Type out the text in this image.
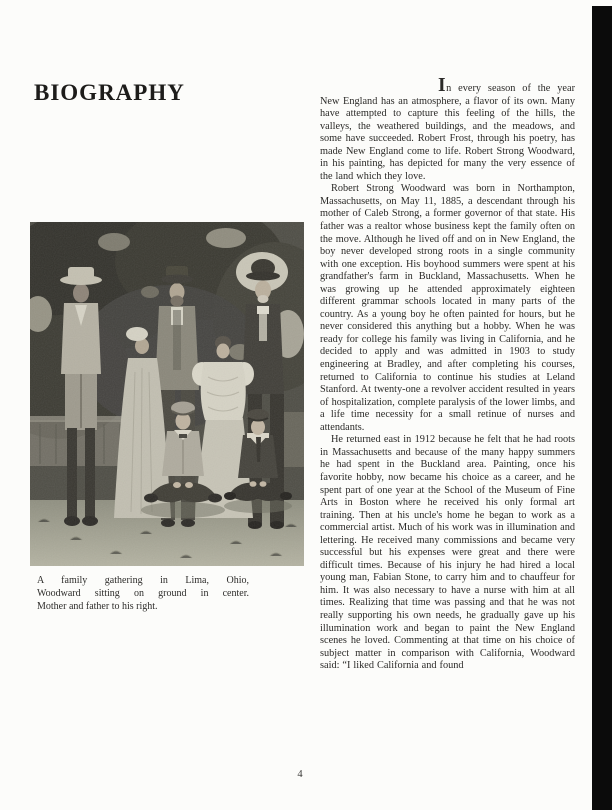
BIOGRAPHY
A family gathering in Lima, Ohio,
Woodward sitting on ground in center.
Mother and father to his right.

In every season of the year New England has an atmosphere, a flavor of its own. Many have attempted to capture this feeling of the hills, the valleys, the weathered buildings, and the meadows, and some have succeeded. Robert Frost, through his poetry, has made New England come to life. Robert Strong Woodward, in his painting, has depicted for many the very essence of the land which they love.

Robert Strong Woodward was born in Northampton, Massachusetts, on May 11, 1885, a descendant through his mother of Caleb Strong, a former governor of that state. His father was a realtor whose business kept the family often on the move. Although he lived off and on in New England, the boy never developed strong roots in a single community with one exception. His boyhood summers were spent at his grandfather's farm in Buckland, Massachusetts. When he was growing up he attended approximately eighteen different grammar schools located in many parts of the country. As a young boy he often painted for hours, but he never considered this anything but a hobby. When he was ready for college his family was living in California, and he decided to apply and was admitted in 1903 to study engineering at Bradley, and after completing his courses, returned to California to continue his studies at Leland Stanford. At twenty-one a revolver accident resulted in years of hospitalization, complete paralysis of the lower limbs, and a life time necessity for a small retinue of nurses and attendants.

He returned east in 1912 because he felt that he had roots in Massachusetts and because of the many happy summers he had spent in the Buckland area. Painting, once his favorite hobby, now became his choice as a career, and he spent part of one year at the School of the Museum of Fine Arts in Boston where he received his only formal art training. Then at his uncle's home he began to work as a commercial artist. Much of his work was in illumination and lettering. He received many commissions and became very successful but his expenses were great and there were difficult times. Because of his injury he had hired a local young man, Fabian Stone, to carry him and to chauffeur for him. It was also necessary to have a nurse with him at all times. Realizing that time was passing and that he was not really supporting his own needs, he gradually gave up his illumination work and began to paint the New England scenes he loved. Commenting at that time on his choice of subject matter in comparison with California, Woodward said: “I liked California and found

4
